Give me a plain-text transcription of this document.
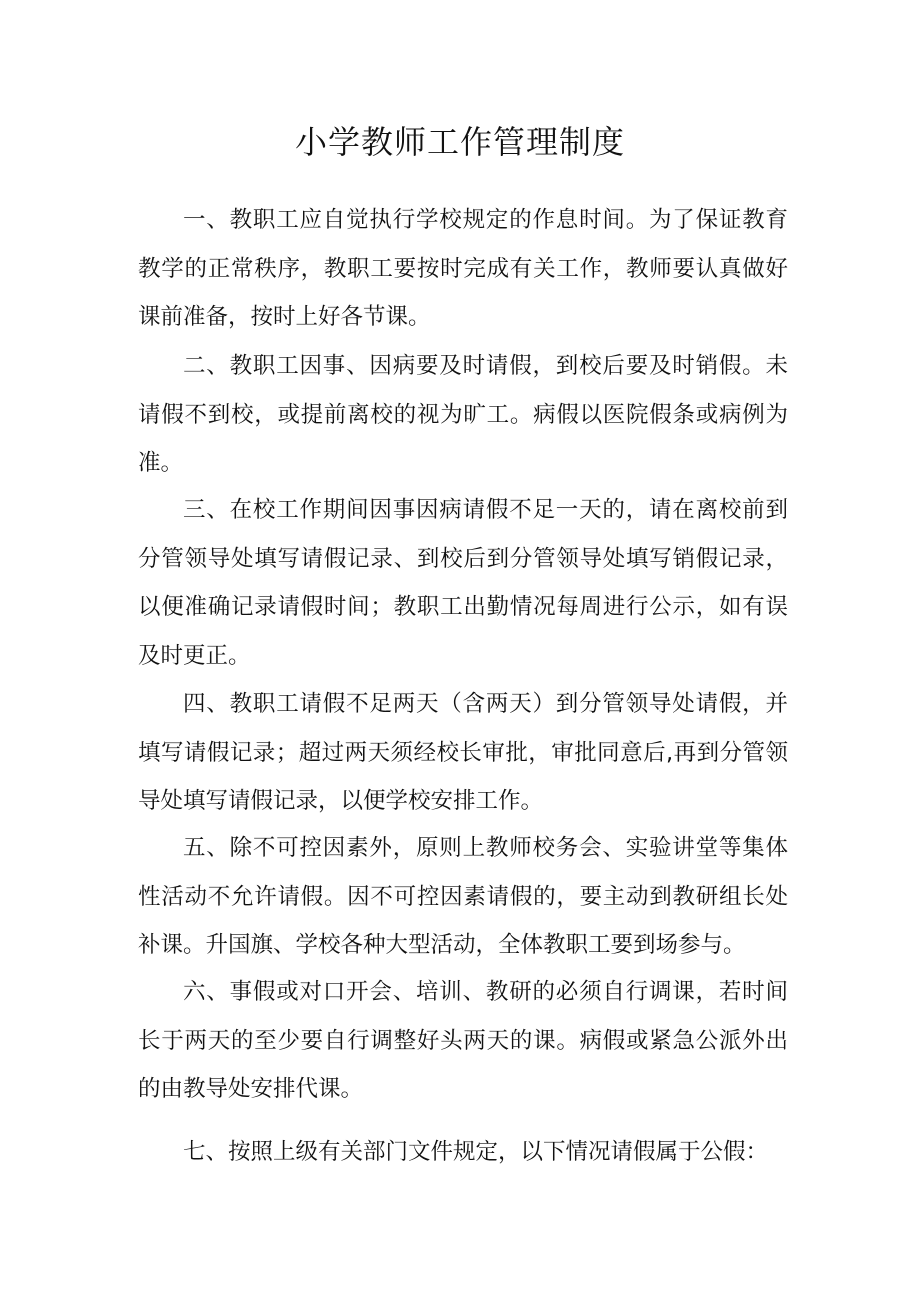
小学教师工作管理制度

一、教职工应自觉执行学校规定的作息时间。为了保证教育教学的正常秩序，教职工要按时完成有关工作，教师要认真做好课前准备，按时上好各节课。

二、教职工因事、因病要及时请假，到校后要及时销假。未请假不到校，或提前离校的视为旷工。病假以医院假条或病例为准。

三、在校工作期间因事因病请假不足一天的，请在离校前到分管领导处填写请假记录、到校后到分管领导处填写销假记录，以便准确记录请假时间；教职工出勤情况每周进行公示，如有误及时更正。

四、教职工请假不足两天（含两天）到分管领导处请假，并填写请假记录；超过两天须经校长审批，审批同意后,再到分管领导处填写请假记录，以便学校安排工作。

五、除不可控因素外，原则上教师校务会、实验讲堂等集体性活动不允许请假。因不可控因素请假的，要主动到教研组长处补课。升国旗、学校各种大型活动，全体教职工要到场参与。

六、事假或对口开会、培训、教研的必须自行调课，若时间长于两天的至少要自行调整好头两天的课。病假或紧急公派外出的由教导处安排代课。

七、按照上级有关部门文件规定，以下情况请假属于公假：
